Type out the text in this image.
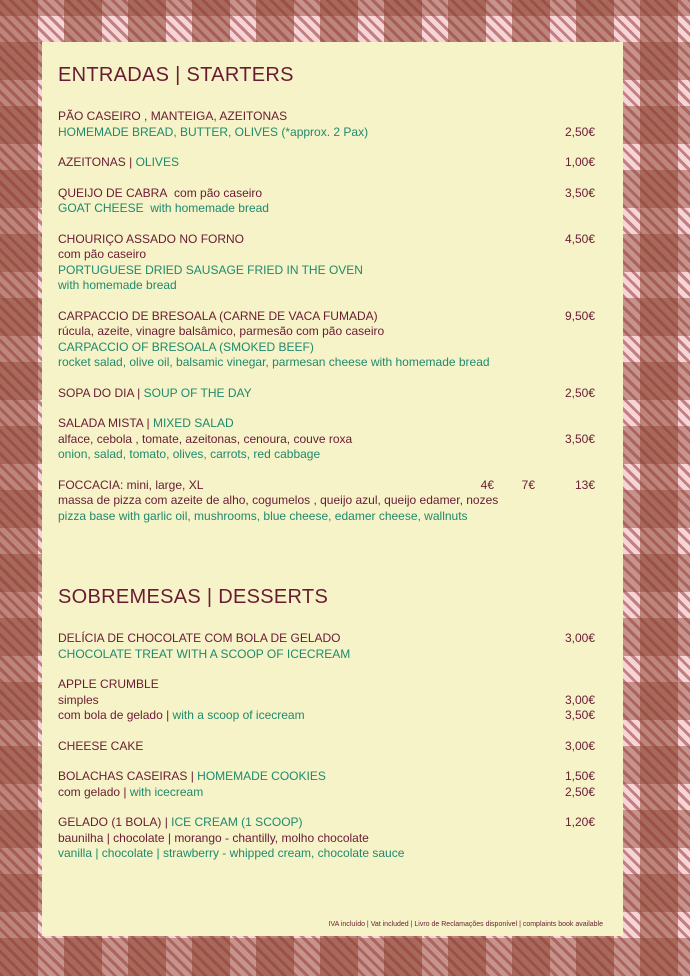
ENTRADAS | STARTERS
PÃO CASEIRO , MANTEIGA, AZEITONAS
HOMEMADE BREAD, BUTTER, OLIVES (*approx. 2 Pax)	2,50€
AZEITONAS | OLIVES	1,00€
QUEIJO DE CABRA com pão caseiro	3,50€
GOAT CHEESE with homemade bread
CHOURIÇO ASSADO NO FORNO	4,50€
com pão caseiro
PORTUGUESE DRIED SAUSAGE FRIED IN THE OVEN
with homemade bread
CARPACCIO DE BRESOALA (CARNE DE VACA FUMADA)	9,50€
rúcula, azeite, vinagre balsâmico, parmesão com pão caseiro
CARPACCIO OF BRESOALA (SMOKED BEEF)
rocket salad, olive oil, balsamic vinegar, parmesan cheese with homemade bread
SOPA DO DIA | SOUP OF THE DAY	2,50€
SALADA MISTA | MIXED SALAD
alface, cebola , tomate, azeitonas, cenoura, couve roxa	3,50€
onion, salad, tomato, olives, carrots, red cabbage
FOCCACIA: mini, large, XL	4€	7€	13€
massa de pizza com azeite de alho, cogumelos , queijo azul, queijo edamer, nozes
pizza base with garlic oil, mushrooms, blue cheese, edamer cheese, wallnuts
SOBREMESAS | DESSERTS
DELÍCIA DE CHOCOLATE COM BOLA DE GELADO	3,00€
CHOCOLATE TREAT WITH A SCOOP OF ICECREAM
APPLE CRUMBLE
simples	3,00€
com bola de gelado | with a scoop of icecream	3,50€
CHEESE CAKE	3,00€
BOLACHAS CASEIRAS | HOMEMADE COOKIES	1,50€
com gelado | with icecream	2,50€
GELADO (1 BOLA) | ICE CREAM (1 SCOOP)	1,20€
baunilha | chocolate | morango - chantilly, molho chocolate
vanilla | chocolate | strawberry - whipped cream, chocolate sauce
IVA incluído | Vat included | Livro de Reclamações disponível | complaints book available
